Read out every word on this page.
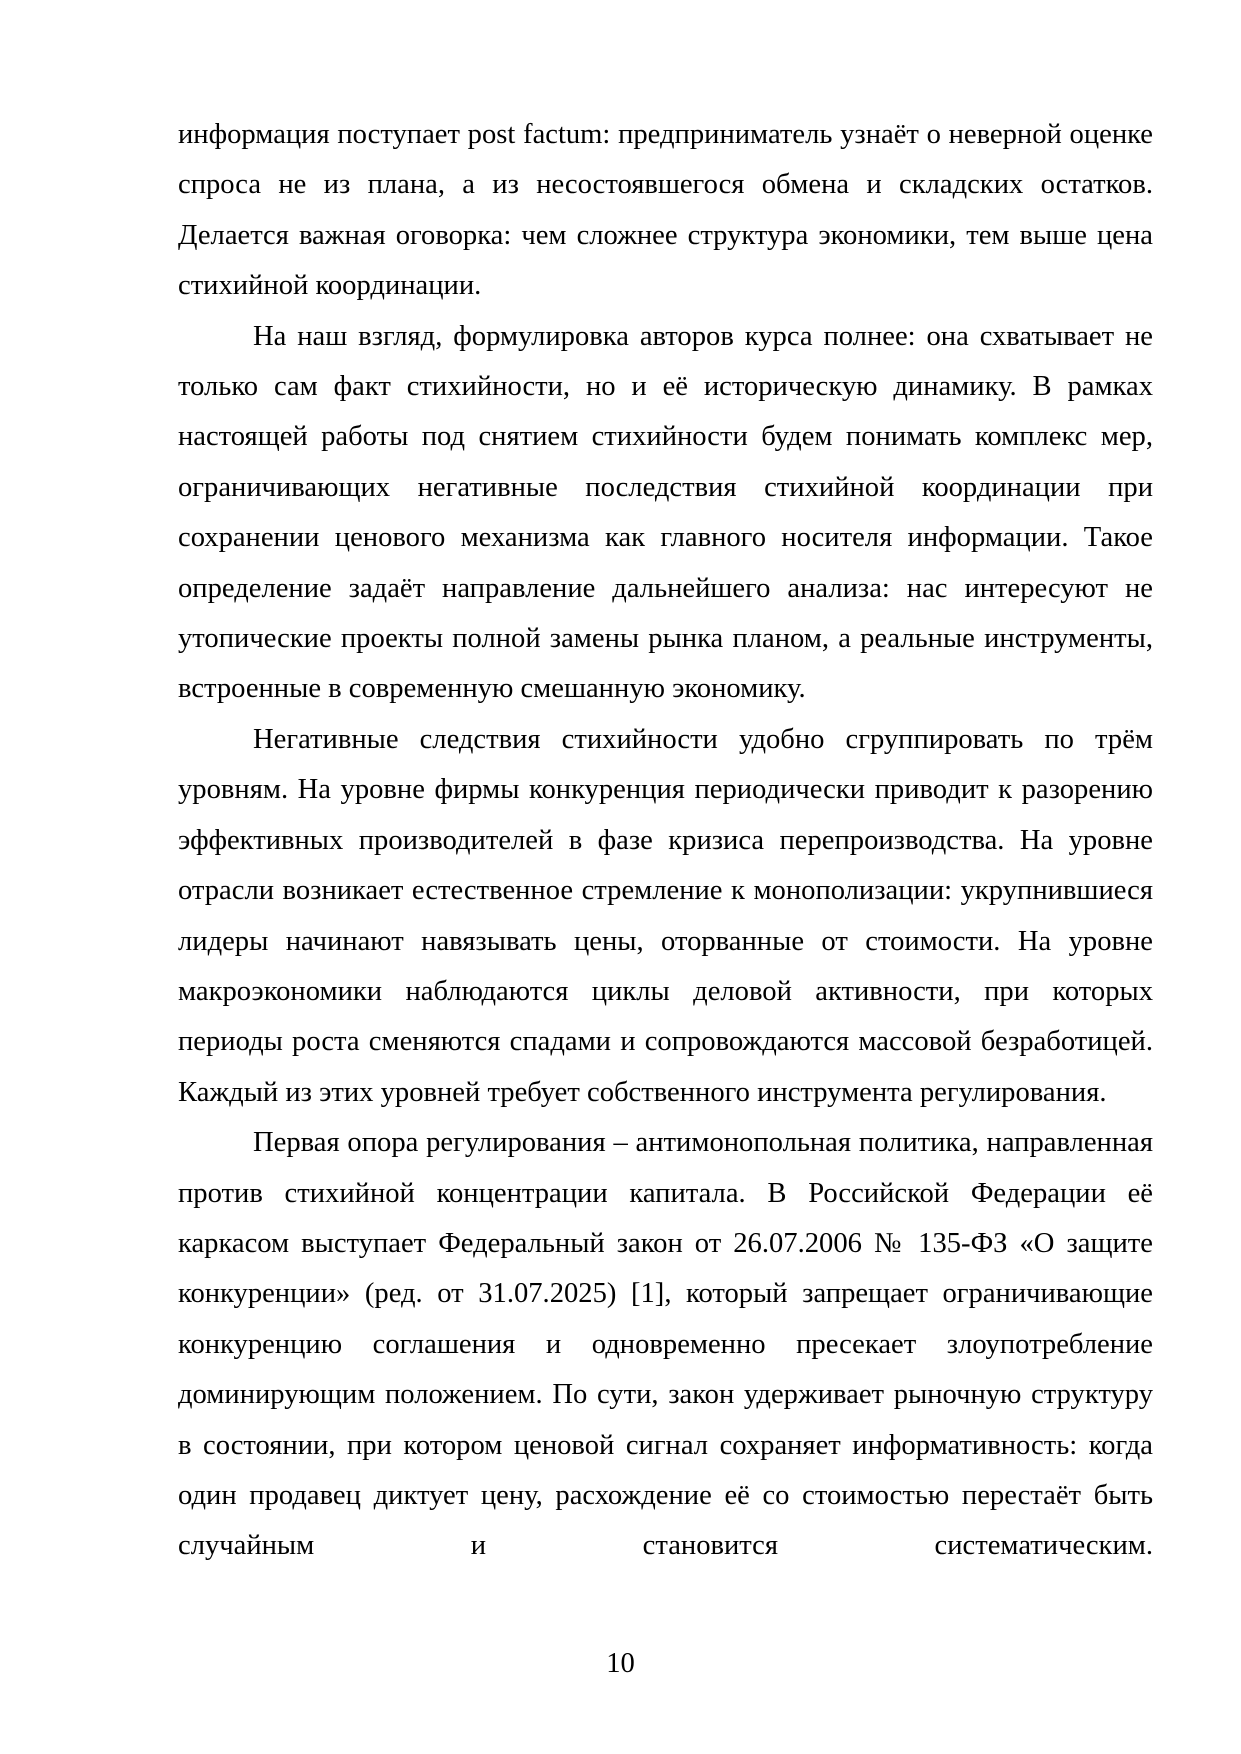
информация поступает post factum: предприниматель узнаёт о неверной оценке спроса не из плана, а из несостоявшегося обмена и складских остатков. Делается важная оговорка: чем сложнее структура экономики, тем выше цена стихийной координации.

На наш взгляд, формулировка авторов курса полнее: она схватывает не только сам факт стихийности, но и её историческую динамику. В рамках настоящей работы под снятием стихийности будем понимать комплекс мер, ограничивающих негативные последствия стихийной координации при сохранении ценового механизма как главного носителя информации. Такое определение задаёт направление дальнейшего анализа: нас интересуют не утопические проекты полной замены рынка планом, а реальные инструменты, встроенные в современную смешанную экономику.

Негативные следствия стихийности удобно сгруппировать по трём уровням. На уровне фирмы конкуренция периодически приводит к разорению эффективных производителей в фазе кризиса перепроизводства. На уровне отрасли возникает естественное стремление к монополизации: укрупнившиеся лидеры начинают навязывать цены, оторванные от стоимости. На уровне макроэкономики наблюдаются циклы деловой активности, при которых периоды роста сменяются спадами и сопровождаются массовой безработицей. Каждый из этих уровней требует собственного инструмента регулирования.

Первая опора регулирования – антимонопольная политика, направленная против стихийной концентрации капитала. В Российской Федерации её каркасом выступает Федеральный закон от 26.07.2006 № 135-ФЗ «О защите конкуренции» (ред. от 31.07.2025) [1], который запрещает ограничивающие конкуренцию соглашения и одновременно пресекает злоупотребление доминирующим положением. По сути, закон удерживает рыночную структуру в состоянии, при котором ценовой сигнал сохраняет информативность: когда один продавец диктует цену, расхождение её со стоимостью перестаёт быть случайным и становится систематическим.

10
